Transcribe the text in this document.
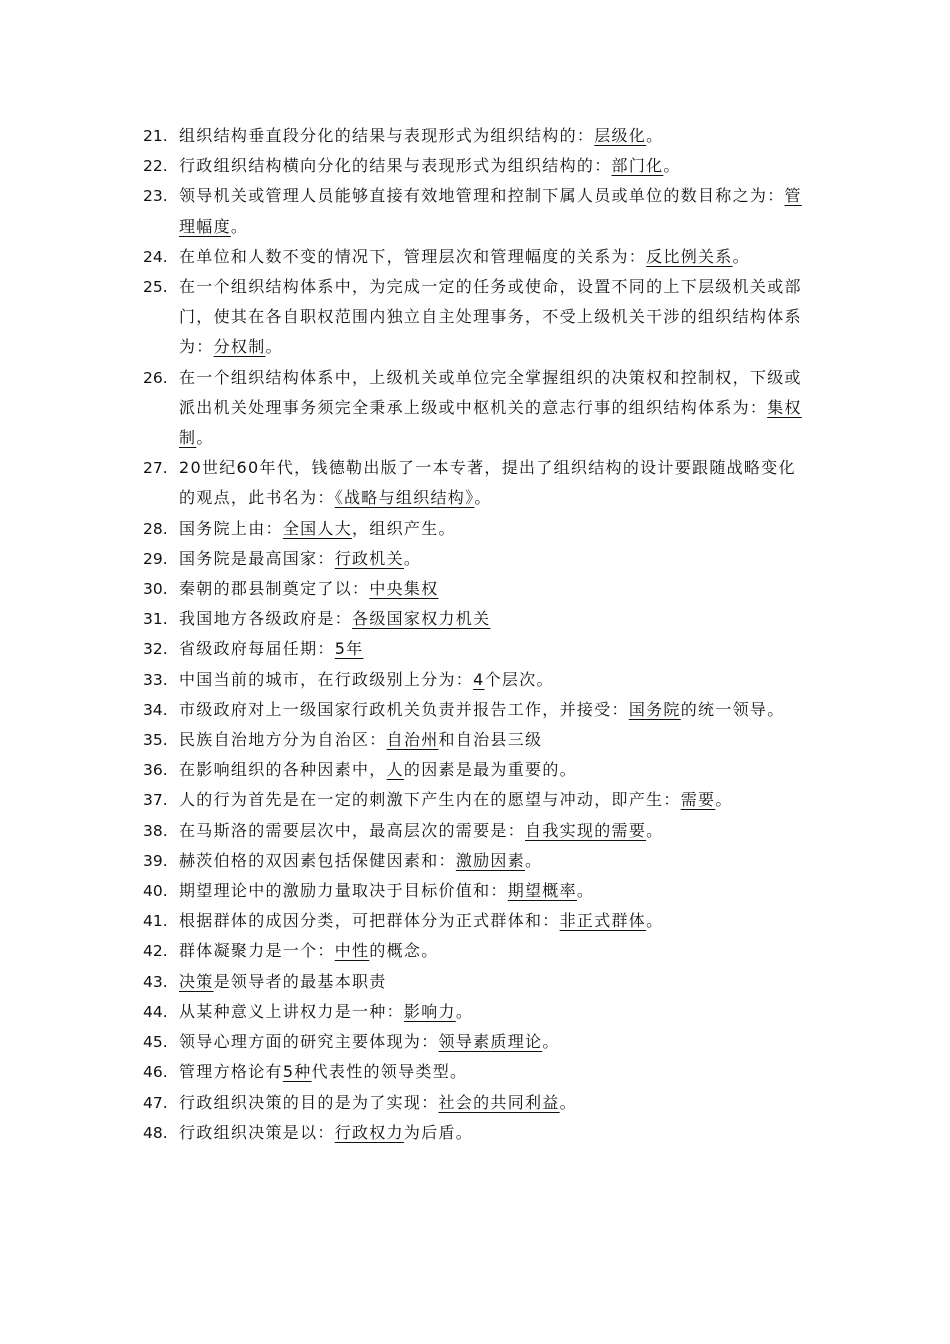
21. 组织结构垂直段分化的结果与表现形式为组织结构的：层级化。
22. 行政组织结构横向分化的结果与表现形式为组织结构的：部门化。
23. 领导机关或管理人员能够直接有效地管理和控制下属人员或单位的数目称之为：管理幅度。
24. 在单位和人数不变的情况下，管理层次和管理幅度的关系为：反比例关系。
25. 在一个组织结构体系中，为完成一定的任务或使命，设置不同的上下层级机关或部门，使其在各自职权范围内独立自主处理事务，不受上级机关干涉的组织结构体系为：分权制。
26. 在一个组织结构体系中，上级机关或单位完全掌握组织的决策权和控制权，下级或派出机关处理事务须完全秉承上级或中枢机关的意志行事的组织结构体系为：集权制。
27. 20世纪60年代，钱德勒出版了一本专著，提出了组织结构的设计要跟随战略变化的观点，此书名为：《战略与组织结构》。
28. 国务院上由：全国人大，组织产生。
29. 国务院是最高国家：行政机关。
30. 秦朝的郡县制奠定了以：中央集权
31. 我国地方各级政府是：各级国家权力机关
32. 省级政府每届任期：5年
33. 中国当前的城市，在行政级别上分为：4个层次。
34. 市级政府对上一级国家行政机关负责并报告工作，并接受：国务院的统一领导。
35. 民族自治地方分为自治区：自治州和自治县三级
36. 在影响组织的各种因素中，人的因素是最为重要的。
37. 人的行为首先是在一定的刺激下产生内在的愿望与冲动，即产生：需要。
38. 在马斯洛的需要层次中，最高层次的需要是：自我实现的需要。
39. 赫茨伯格的双因素包括保健因素和：激励因素。
40. 期望理论中的激励力量取决于目标价值和：期望概率。
41. 根据群体的成因分类，可把群体分为正式群体和：非正式群体。
42. 群体凝聚力是一个：中性的概念。
43. 决策是领导者的最基本职责
44. 从某种意义上讲权力是一种：影响力。
45. 领导心理方面的研究主要体现为：领导素质理论。
46. 管理方格论有5种代表性的领导类型。
47. 行政组织决策的目的是为了实现：社会的共同利益。
48. 行政组织决策是以：行政权力为后盾。
